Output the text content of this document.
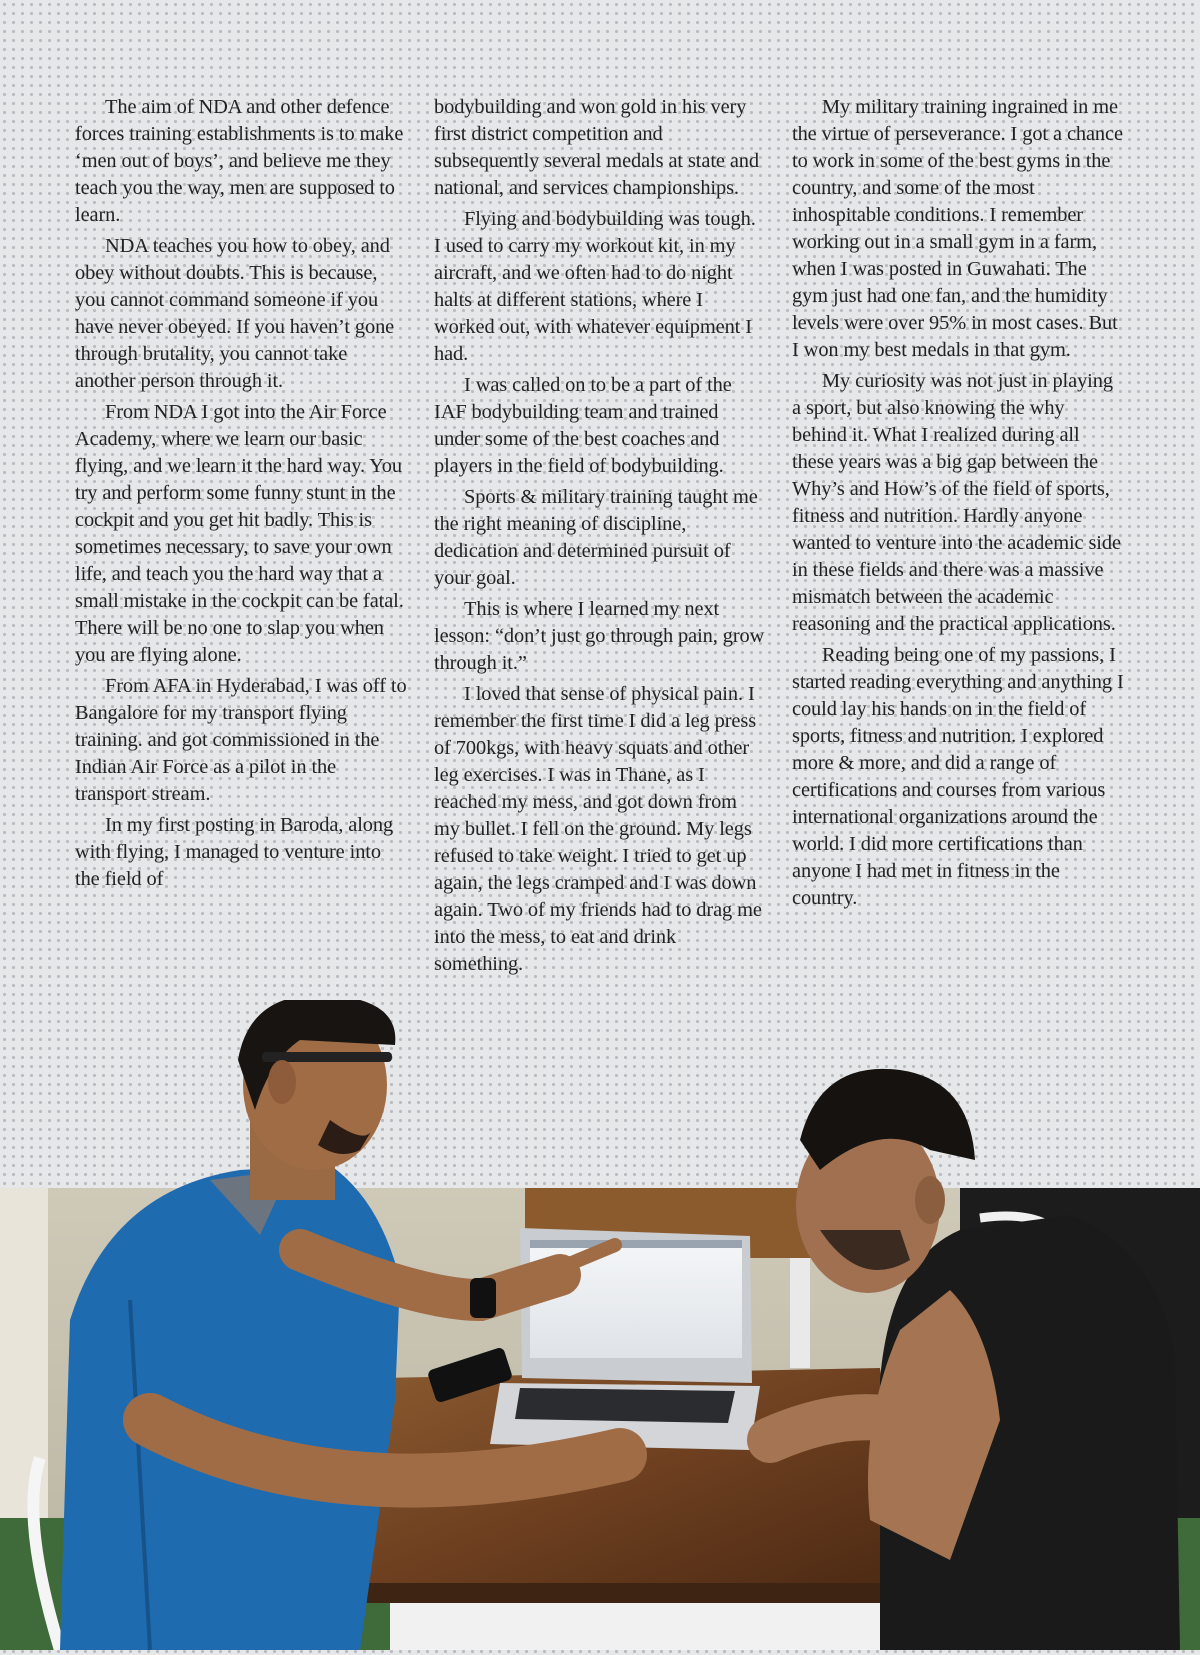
The aim of NDA and other defence forces training establishments is to make ‘men out of boys’, and believe me they teach you the way, men are supposed to learn.

NDA teaches you how to obey, and obey without doubts. This is because, you cannot command someone if you have never obeyed. If you haven’t gone through brutality, you cannot take another person through it.

From NDA I got into the Air Force Academy, where we learn our basic flying, and we learn it the hard way. You try and perform some funny stunt in the cockpit and you get hit badly. This is sometimes necessary, to save your own life, and teach you the hard way that a small mistake in the cockpit can be fatal. There will be no one to slap you when you are flying alone.

From AFA in Hyderabad, I was off to Bangalore for my transport flying training. and got commissioned in the Indian Air Force as a pilot in the transport stream.

In my first posting in Baroda, along with flying, I managed to venture into the field of

bodybuilding and won gold in his very first district competition and subsequently several medals at state and national, and services championships.

Flying and bodybuilding was tough. I used to carry my workout kit, in my aircraft, and we often had to do night halts at different stations, where I worked out, with whatever equipment I had.

I was called on to be a part of the IAF bodybuilding team and trained under some of the best coaches and players in the field of bodybuilding.

Sports & military training taught me the right meaning of discipline, dedication and determined pursuit of your goal.

This is where I learned my next lesson: “don’t just go through pain, grow through it.”

I loved that sense of physical pain. I remember the first time I did a leg press of 700kgs, with heavy squats and other leg exercises. I was in Thane, as I reached my mess, and got down from my bullet. I fell on the ground. My legs refused to take weight. I tried to get up again, the legs cramped and I was down again. Two of my friends had to drag me into the mess, to eat and drink something.

My military training ingrained in me the virtue of perseverance. I got a chance to work in some of the best gyms in the country, and some of the most inhospitable conditions. I remember working out in a small gym in a farm, when I was posted in Guwahati. The gym just had one fan, and the humidity levels were over 95% in most cases. But I won my best medals in that gym.

My curiosity was not just in playing a sport, but also knowing the why behind it. What I realized during all these years was a big gap between the Why’s and How’s of the field of sports, fitness and nutrition. Hardly anyone wanted to venture into the academic side in these fields and there was a massive mismatch between the academic reasoning and the practical applications.

Reading being one of my passions, I started reading everything and anything I could lay his hands on in the field of sports, fitness and nutrition. I explored more & more, and did a range of certifications and courses from various international organizations around the world. I did more certifications than anyone I had met in fitness in the country.
